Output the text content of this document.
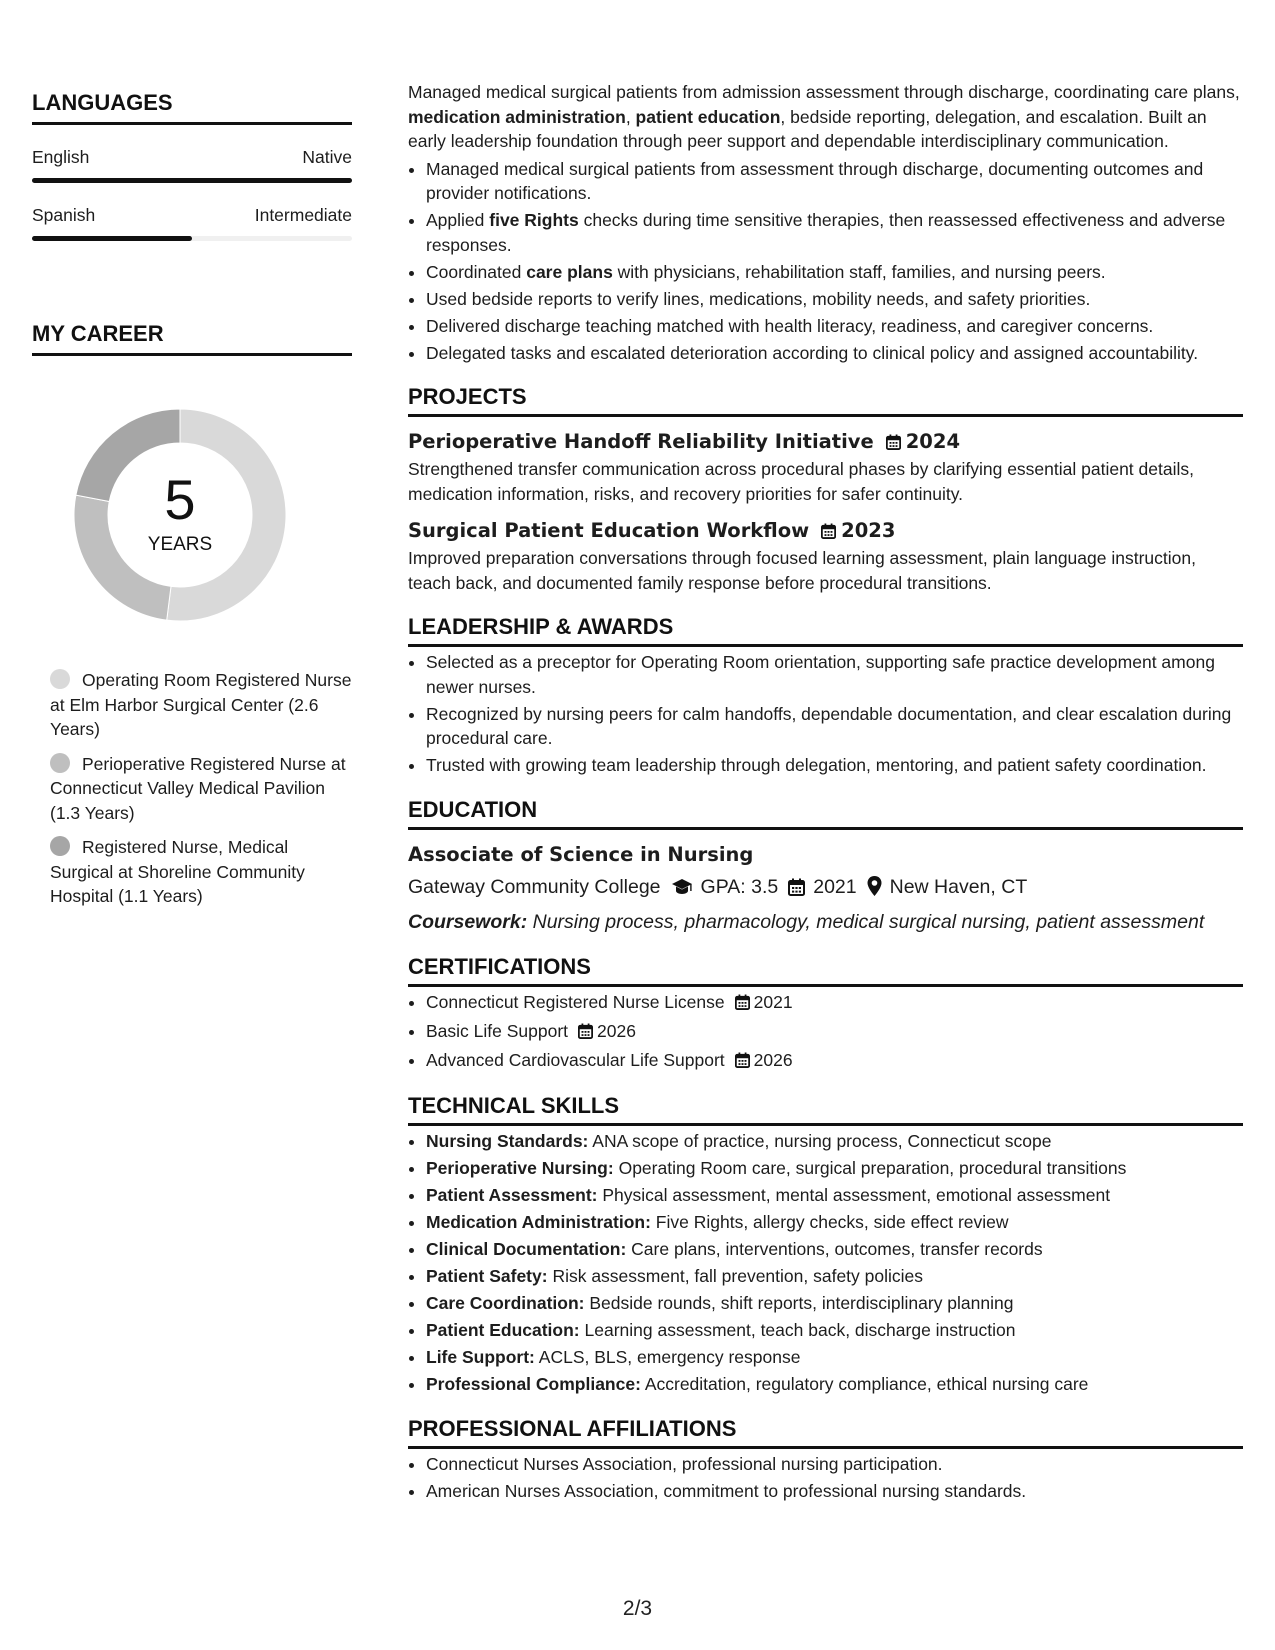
LANGUAGES
English	Native
Spanish	Intermediate
MY CAREER
5
YEARS
Operating Room Registered Nurse at Elm Harbor Surgical Center (2.6 Years)
Perioperative Registered Nurse at Connecticut Valley Medical Pavilion (1.3 Years)
Registered Nurse, Medical Surgical at Shoreline Community Hospital (1.1 Years)

Managed medical surgical patients from admission assessment through discharge, coordinating care plans, medication administration, patient education, bedside reporting, delegation, and escalation. Built an early leadership foundation through peer support and dependable interdisciplinary communication.

• Managed medical surgical patients from assessment through discharge, documenting outcomes and provider notifications.
• Applied five Rights checks during time sensitive therapies, then reassessed effectiveness and adverse responses.
• Coordinated care plans with physicians, rehabilitation staff, families, and nursing peers.
• Used bedside reports to verify lines, medications, mobility needs, and safety priorities.
• Delivered discharge teaching matched with health literacy, readiness, and caregiver concerns.
• Delegated tasks and escalated deterioration according to clinical policy and assigned accountability.
PROJECTS
Perioperative Handoff Reliability Initiative 2024

Strengthened transfer communication across procedural phases by clarifying essential patient details, medication information, risks, and recovery priorities for safer continuity.

Surgical Patient Education Workflow 2023

Improved preparation conversations through focused learning assessment, plain language instruction, teach back, and documented family response before procedural transitions.

LEADERSHIP & AWARDS
• Selected as a preceptor for Operating Room orientation, supporting safe practice development among newer nurses.
• Recognized by nursing peers for calm handoffs, dependable documentation, and clear escalation during procedural care.
• Trusted with growing team leadership through delegation, mentoring, and patient safety coordination.
EDUCATION
Associate of Science in Nursing
Gateway Community College GPA: 3.5 2021 New Haven, CT
Coursework: Nursing process, pharmacology, medical surgical nursing, patient assessment
CERTIFICATIONS
• Connecticut Registered Nurse License 2021
• Basic Life Support 2026
• Advanced Cardiovascular Life Support 2026
TECHNICAL SKILLS
• Nursing Standards: ANA scope of practice, nursing process, Connecticut scope
• Perioperative Nursing: Operating Room care, surgical preparation, procedural transitions
• Patient Assessment: Physical assessment, mental assessment, emotional assessment
• Medication Administration: Five Rights, allergy checks, side effect review
• Clinical Documentation: Care plans, interventions, outcomes, transfer records
• Patient Safety: Risk assessment, fall prevention, safety policies
• Care Coordination: Bedside rounds, shift reports, interdisciplinary planning
• Patient Education: Learning assessment, teach back, discharge instruction
• Life Support: ACLS, BLS, emergency response
• Professional Compliance: Accreditation, regulatory compliance, ethical nursing care
PROFESSIONAL AFFILIATIONS
• Connecticut Nurses Association, professional nursing participation.
• American Nurses Association, commitment to professional nursing standards.
2/3
